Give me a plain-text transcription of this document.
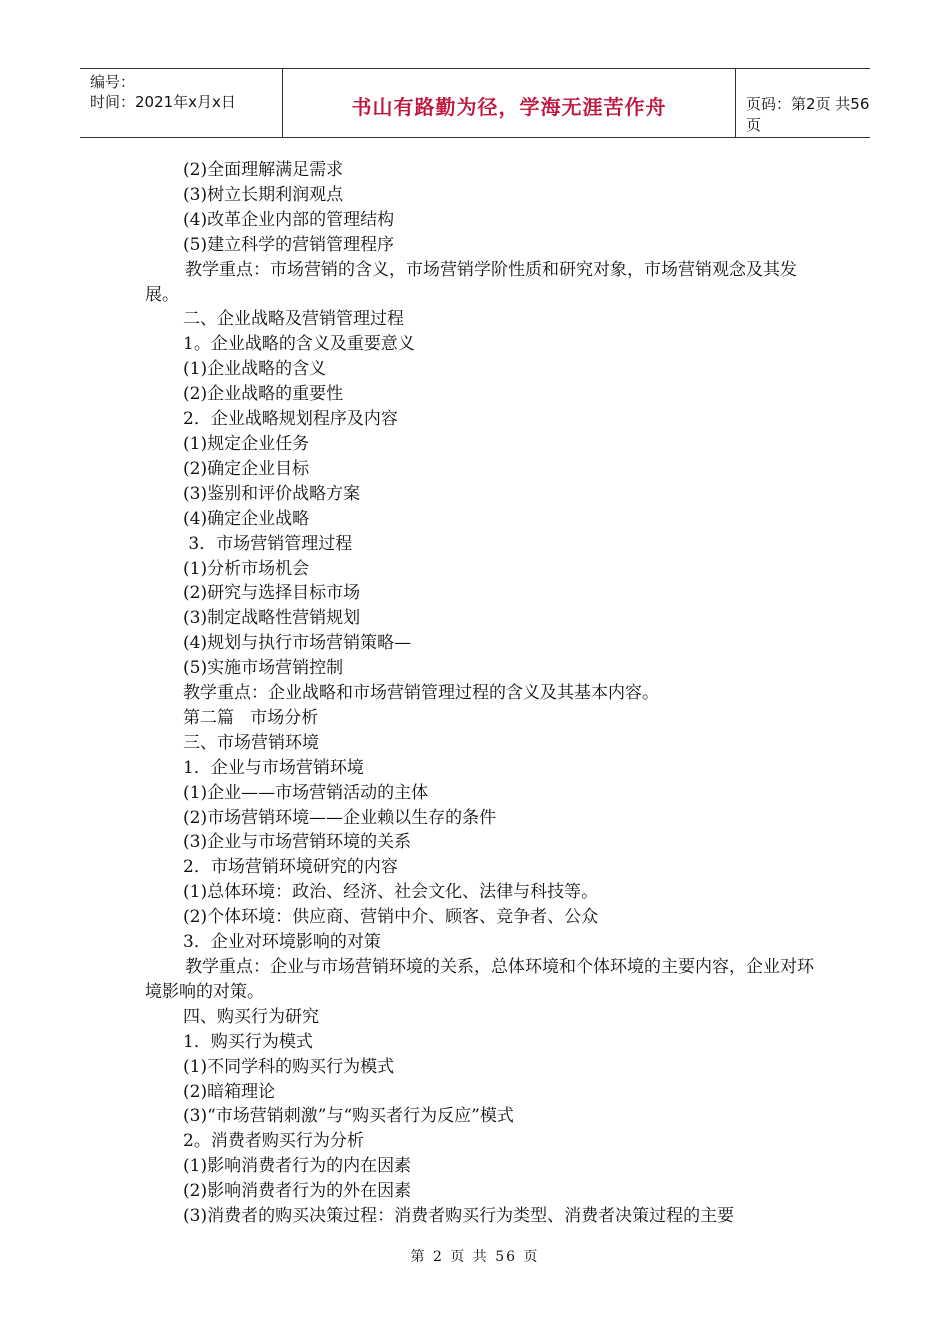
编号：
时间：2021年x月x日	书山有路勤为径，学海无涯苦作舟	页码：第2页 共56页
(2)全面理解满足需求
(3)树立长期利润观点
(4)改革企业内部的管理结构
(5)建立科学的营销管理程序

教学重点：市场营销的含义，市场营销学阶性质和研究对象，市场营销观念及其发展。

二、企业战略及营销管理过程
1。企业战略的含义及重要意义
(1)企业战略的含义
(2)企业战略的重要性
2．企业战略规划程序及内容
(1)规定企业任务
(2)确定企业目标
(3)鉴别和评价战略方案
(4)确定企业战略
3．市场营销管理过程
(1)分析市场机会
(2)研究与选择目标市场
(3)制定战略性营销规划
(4)规划与执行市场营销策略—
(5)实施市场营销控制
教学重点：企业战略和市场营销管理过程的含义及其基本内容。
第二篇   市场分析
三、市场营销环境
1．企业与市场营销环境
(1)企业——市场营销活动的主体
(2)市场营销环境——企业赖以生存的条件
(3)企业与市场营销环境的关系
2．市场营销环境研究的内容
(1)总体环境：政治、经济、社会文化、法律与科技等。
(2)个体环境：供应商、营销中介、顾客、竞争者、公众
3．企业对环境影响的对策

教学重点：企业与市场营销环境的关系，总体环境和个体环境的主要内容，企业对环境影响的对策。

四、购买行为研究
1．购买行为模式
(1)不同学科的购买行为模式
(2)暗箱理论
(3)“市场营销刺激”与“购买者行为反应”模式
2。消费者购买行为分析
(1)影响消费者行为的内在因素
(2)影响消费者行为的外在因素
(3)消费者的购买决策过程：消费者购买行为类型、消费者决策过程的主要
第 2 页 共 56 页
